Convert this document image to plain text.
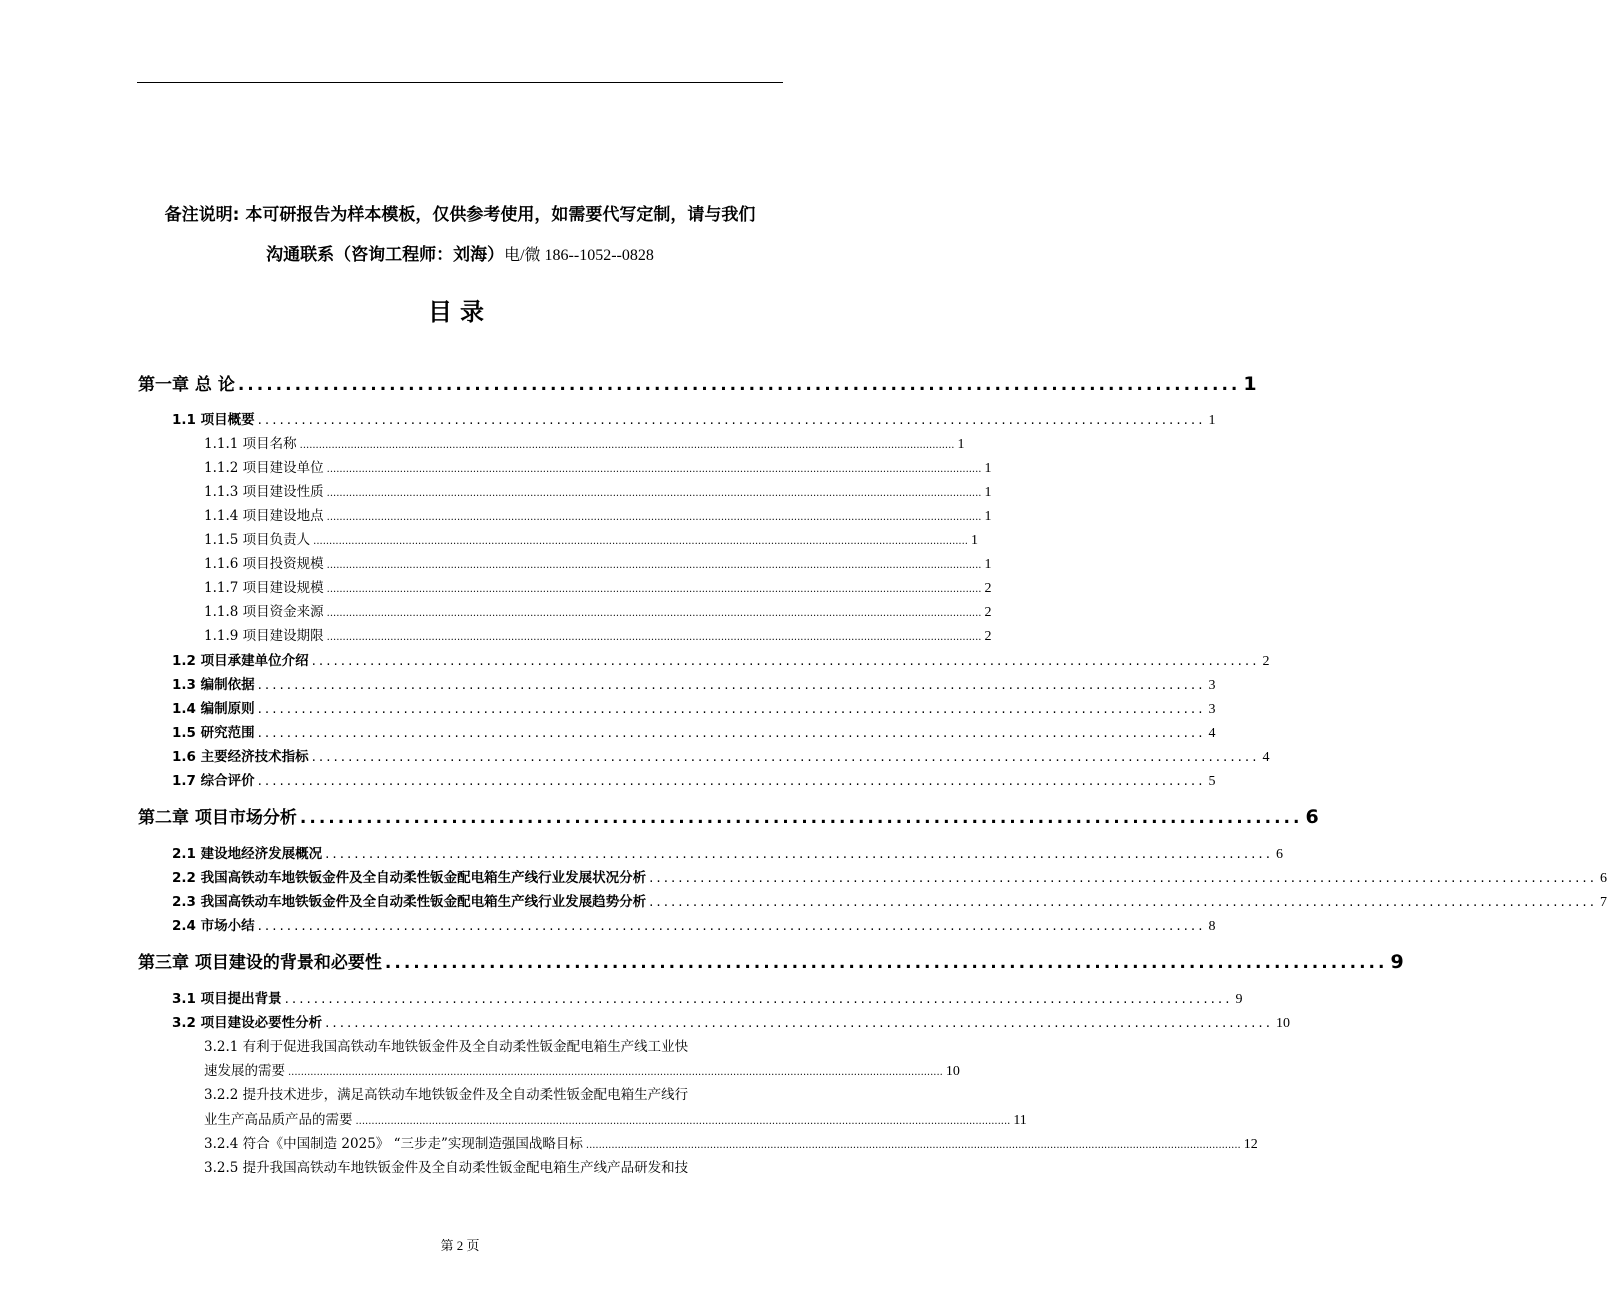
备注说明: 本可研报告为样本模板，仅供参考使用，如需要代写定制，请与我们
沟通联系（咨询工程师：刘海）电/微 186--1052--0828
目录
第一章 总 论 .......................................................................................................... 1
1.1 项目概要 .................................................................................................................................. 1
1.1.1 项目名称 .............................................................................................................................................................................................................. 1
1.1.2 项目建设单位 .............................................................................................................................................................................................................. 1
1.1.3 项目建设性质 .............................................................................................................................................................................................................. 1
1.1.4 项目建设地点 .............................................................................................................................................................................................................. 1
1.1.5 项目负责人 .............................................................................................................................................................................................................. 1
1.1.6 项目投资规模 .............................................................................................................................................................................................................. 1
1.1.7 项目建设规模 .............................................................................................................................................................................................................. 2
1.1.8 项目资金来源 .............................................................................................................................................................................................................. 2
1.1.9 项目建设期限 .............................................................................................................................................................................................................. 2
1.2 项目承建单位介绍 .................................................................................................................................. 2
1.3 编制依据 .................................................................................................................................. 3
1.4 编制原则 .................................................................................................................................. 3
1.5 研究范围 .................................................................................................................................. 4
1.6 主要经济技术指标 .................................................................................................................................. 4
1.7 综合评价 .................................................................................................................................. 5
第二章 项目市场分析 .......................................................................................................... 6
2.1 建设地经济发展概况 .................................................................................................................................. 6
2.2 我国高铁动车地铁钣金件及全自动柔性钣金配电箱生产线行业发展状况分析 .................................................................................................................................. 6
2.3 我国高铁动车地铁钣金件及全自动柔性钣金配电箱生产线行业发展趋势分析 .................................................................................................................................. 7
2.4 市场小结 .................................................................................................................................. 8
第三章 项目建设的背景和必要性 .......................................................................................................... 9
3.1 项目提出背景 .................................................................................................................................. 9
3.2 项目建设必要性分析 .................................................................................................................................. 10
3.2.1 有利于促进我国高铁动车地铁钣金件及全自动柔性钣金配电箱生产线工业快
速发展的需要 .............................................................................................................................................................................................................. 10
3.2.2 提升技术进步，满足高铁动车地铁钣金件及全自动柔性钣金配电箱生产线行
业生产高品质产品的需要 .............................................................................................................................................................................................................. 11
3.2.4 符合《中国制造 2025》 “三步走”实现制造强国战略目标 .............................................................................................................................................................................................................. 12
3.2.5 提升我国高铁动车地铁钣金件及全自动柔性钣金配电箱生产线产品研发和技
第 2 页
